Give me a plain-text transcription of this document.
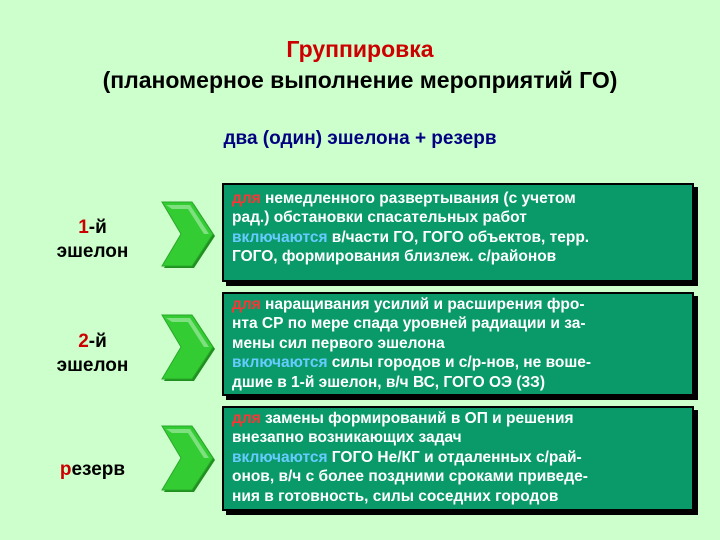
Группировка
(планомерное выполнение мероприятий ГО)
два (один) эшелона + резерв
1-й
эшелон
для немедленного развертывания (с учетом
рад.) обстановки спасательных работ
включаются в/части ГО, ГОГО объектов, терр.
ГОГО, формирования близлеж. с/районов
2-й
эшелон
для наращивания усилий и расширения фро-
нта СР по мере спада уровней радиации и за-
мены сил первого эшелона
включаются силы городов и с/р-нов, не воше-
дшие в 1-й эшелон, в/ч ВС, ГОГО ОЭ (3З)
резерв
для замены формирований в ОП и решения
внезапно возникающих задач
включаются ГОГО Не/КГ и отдаленных с/рай-
онов, в/ч с более поздними сроками приведе-
ния в готовность, силы соседних городов
